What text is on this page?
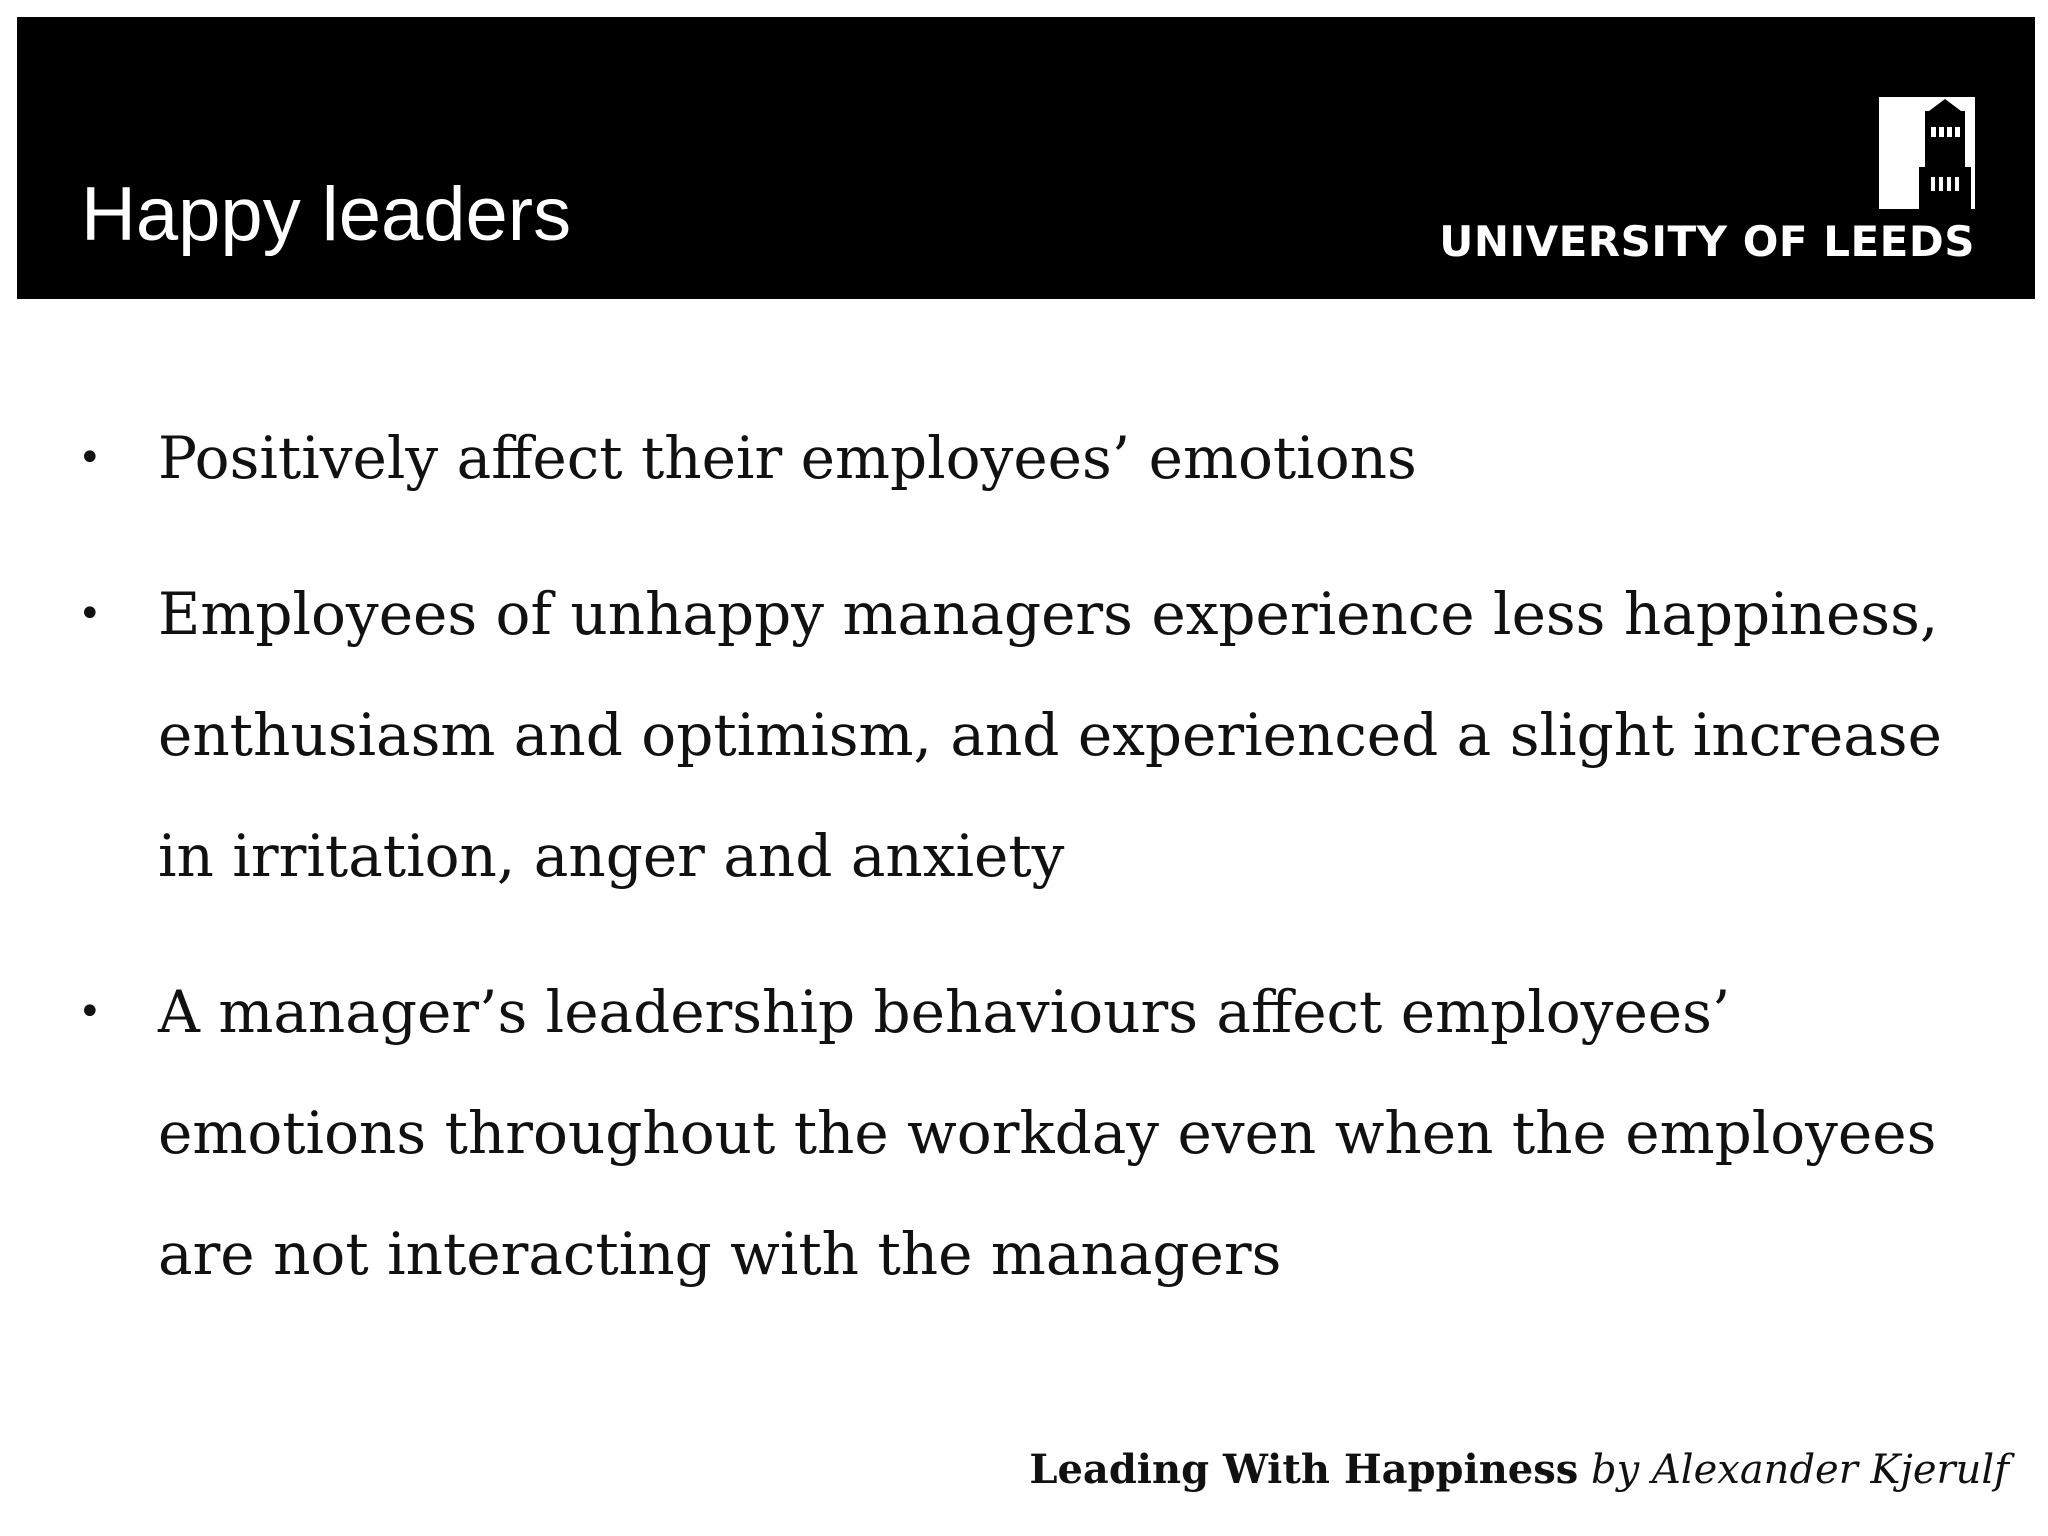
Happy leaders	UNIVERSITY OF LEEDS
• Positively affect their employees’ emotions
• Employees of unhappy managers experience less happiness, enthusiasm and optimism, and experienced a slight increase in irritation, anger and anxiety
• A manager’s leadership behaviours affect employees’ emotions throughout the workday even when the employees are not interacting with the managers
Leading With Happiness by Alexander Kjerulf
